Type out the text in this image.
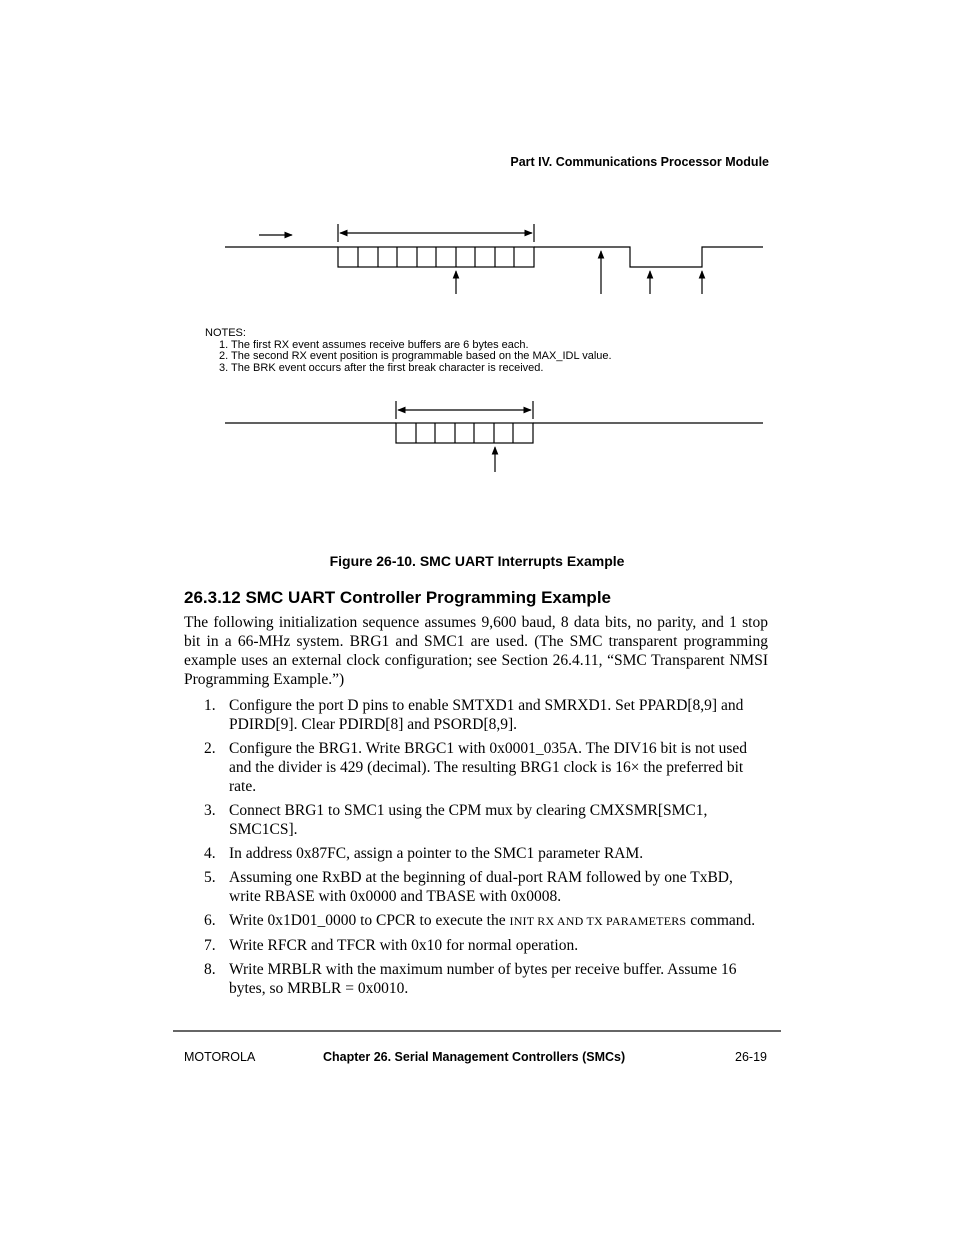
Part IV. Communications Processor Module
NOTES:
1. The first RX event assumes receive buffers are 6 bytes each.
2. The second RX event position is programmable based on the MAX_IDL value.
3. The BRK event occurs after the first break character is received.
Figure 26-10. SMC UART Interrupts Example
26.3.12 SMC UART Controller Programming Example
The following initialization sequence assumes 9,600 baud, 8 data bits, no parity, and 1 stop bit in a 66-MHz system. BRG1 and SMC1 are used. (The SMC transparent programming example uses an external clock configuration; see Section 26.4.11, “SMC Transparent NMSI Programming Example.”)
1. Configure the port D pins to enable SMTXD1 and SMRXD1. Set PPARD[8,9] and PDIRD[9]. Clear PDIRD[8] and PSORD[8,9].
2. Configure the BRG1. Write BRGC1 with 0x0001_035A. The DIV16 bit is not used and the divider is 429 (decimal). The resulting BRG1 clock is 16× the preferred bit rate.
3. Connect BRG1 to SMC1 using the CPM mux by clearing CMXSMR[SMC1, SMC1CS].
4. In address 0x87FC, assign a pointer to the SMC1 parameter RAM.
5. Assuming one RxBD at the beginning of dual-port RAM followed by one TxBD, write RBASE with 0x0000 and TBASE with 0x0008.
6. Write 0x1D01_0000 to CPCR to execute the INIT RX AND TX PARAMETERS command.
7. Write RFCR and TFCR with 0x10 for normal operation.
8. Write MRBLR with the maximum number of bytes per receive buffer. Assume 16 bytes, so MRBLR = 0x0010.
MOTOROLA	Chapter 26. Serial Management Controllers (SMCs)	26-19
